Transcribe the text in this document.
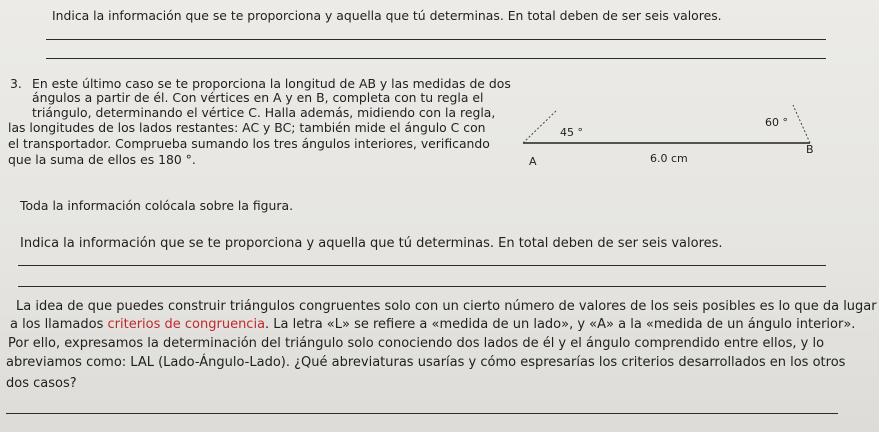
Indica la información que se te proporciona y aquella que tú determinas. En total deben de ser seis valores.
3. En este último caso se te proporciona la longitud de AB y las medidas de dos
ángulos a partir de él. Con vértices en A y en B, completa con tu regla el
triángulo, determinando el vértice C. Halla además, midiendo con la regla,
las longitudes de los lados restantes: AC y BC; también mide el ángulo C con
el transportador. Comprueba sumando los tres ángulos interiores, verificando
que la suma de ellos es 180 °.
45 °
60 °
6.0 cm
A
B
Toda la información colócala sobre la figura.
Indica la información que se te proporciona y aquella que tú determinas. En total deben de ser seis valores.
La idea de que puedes construir triángulos congruentes solo con un cierto número de valores de los seis posibles es lo que da lugar
a los llamados criterios de congruencia. La letra «L» se refiere a «medida de un lado», y «A» a la «medida de un ángulo interior».
Por ello, expresamos la determinación del triángulo solo conociendo dos lados de él y el ángulo comprendido entre ellos, y lo
abreviamos como: LAL (Lado-Ángulo-Lado). ¿Qué abreviaturas usarías y cómo espresarías los criterios desarrollados en los otros
dos casos?
